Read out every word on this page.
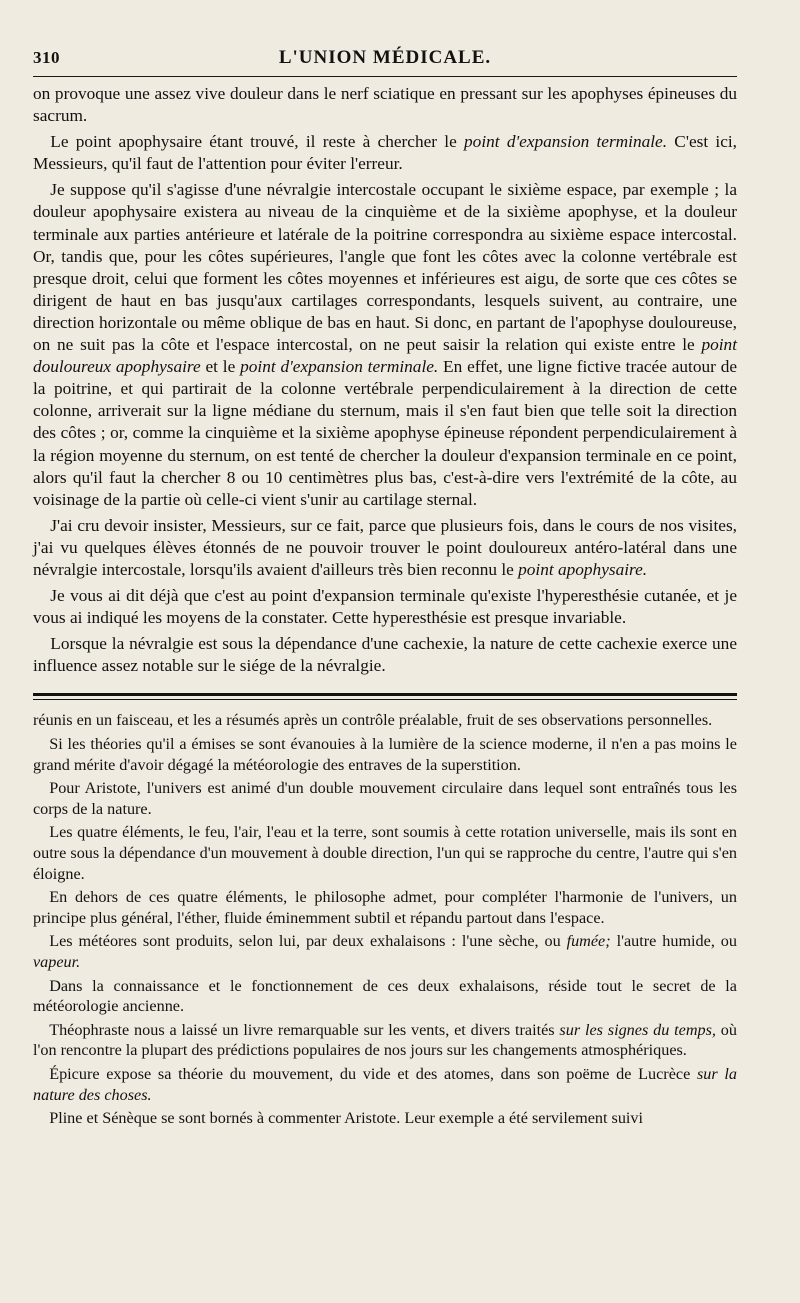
310	L'UNION MÉDICALE.

on provoque une assez vive douleur dans le nerf sciatique en pressant sur les apophyses épineuses du sacrum.

 Le point apophysaire étant trouvé, il reste à chercher le point d'expansion terminale. C'est ici, Messieurs, qu'il faut de l'attention pour éviter l'erreur.

 Je suppose qu'il s'agisse d'une névralgie intercostale occupant le sixième espace, par exemple ; la douleur apophysaire existera au niveau de la cinquième et de la sixième apophyse, et la douleur terminale aux parties antérieure et latérale de la poitrine correspondra au sixième espace intercostal. Or, tandis que, pour les côtes supérieures, l'angle que font les côtes avec la colonne vertébrale est presque droit, celui que forment les côtes moyennes et inférieures est aigu, de sorte que ces côtes se dirigent de haut en bas jusqu'aux cartilages correspondants, lesquels suivent, au contraire, une direction horizontale ou même oblique de bas en haut. Si donc, en partant de l'apophyse douloureuse, on ne suit pas la côte et l'espace intercostal, on ne peut saisir la relation qui existe entre le point douloureux apophysaire et le point d'expansion terminale. En effet, une ligne fictive tracée autour de la poitrine, et qui partirait de la colonne vertébrale perpendiculairement à la direction de cette colonne, arriverait sur la ligne médiane du sternum, mais il s'en faut bien que telle soit la direction des côtes ; or, comme la cinquième et la sixième apophyse épineuse répondent perpendiculairement à la région moyenne du sternum, on est tenté de chercher la douleur d'expansion terminale en ce point, alors qu'il faut la chercher 8 ou 10 centimètres plus bas, c'est-à-dire vers l'extrémité de la côte, au voisinage de la partie où celle-ci vient s'unir au cartilage sternal.

 J'ai cru devoir insister, Messieurs, sur ce fait, parce que plusieurs fois, dans le cours de nos visites, j'ai vu quelques élèves étonnés de ne pouvoir trouver le point douloureux antéro-latéral dans une névralgie intercostale, lorsqu'ils avaient d'ailleurs très bien reconnu le point apophysaire.

 Je vous ai dit déjà que c'est au point d'expansion terminale qu'existe l'hyperesthésie cutanée, et je vous ai indiqué les moyens de la constater. Cette hyperesthésie est presque invariable.

 Lorsque la névralgie est sous la dépendance d'une cachexie, la nature de cette cachexie exerce une influence assez notable sur le siége de la névralgie.

réunis en un faisceau, et les a résumés après un contrôle préalable, fruit de ses observations personnelles.

 Si les théories qu'il a émises se sont évanouies à la lumière de la science moderne, il n'en a pas moins le grand mérite d'avoir dégagé la météorologie des entraves de la superstition.

 Pour Aristote, l'univers est animé d'un double mouvement circulaire dans lequel sont entraînés tous les corps de la nature.

 Les quatre éléments, le feu, l'air, l'eau et la terre, sont soumis à cette rotation universelle, mais ils sont en outre sous la dépendance d'un mouvement à double direction, l'un qui se rapproche du centre, l'autre qui s'en éloigne.

 En dehors de ces quatre éléments, le philosophe admet, pour compléter l'harmonie de l'univers, un principe plus général, l'éther, fluide éminemment subtil et répandu partout dans l'espace.

 Les météores sont produits, selon lui, par deux exhalaisons : l'une sèche, ou fumée; l'autre humide, ou vapeur.

 Dans la connaissance et le fonctionnement de ces deux exhalaisons, réside tout le secret de la météorologie ancienne.

 Théophraste nous a laissé un livre remarquable sur les vents, et divers traités sur les signes du temps, où l'on rencontre la plupart des prédictions populaires de nos jours sur les changements atmosphériques.

 Épicure expose sa théorie du mouvement, du vide et des atomes, dans son poëme de Lucrèce sur la nature des choses.

 Pline et Sénèque se sont bornés à commenter Aristote. Leur exemple a été servilement suivi
